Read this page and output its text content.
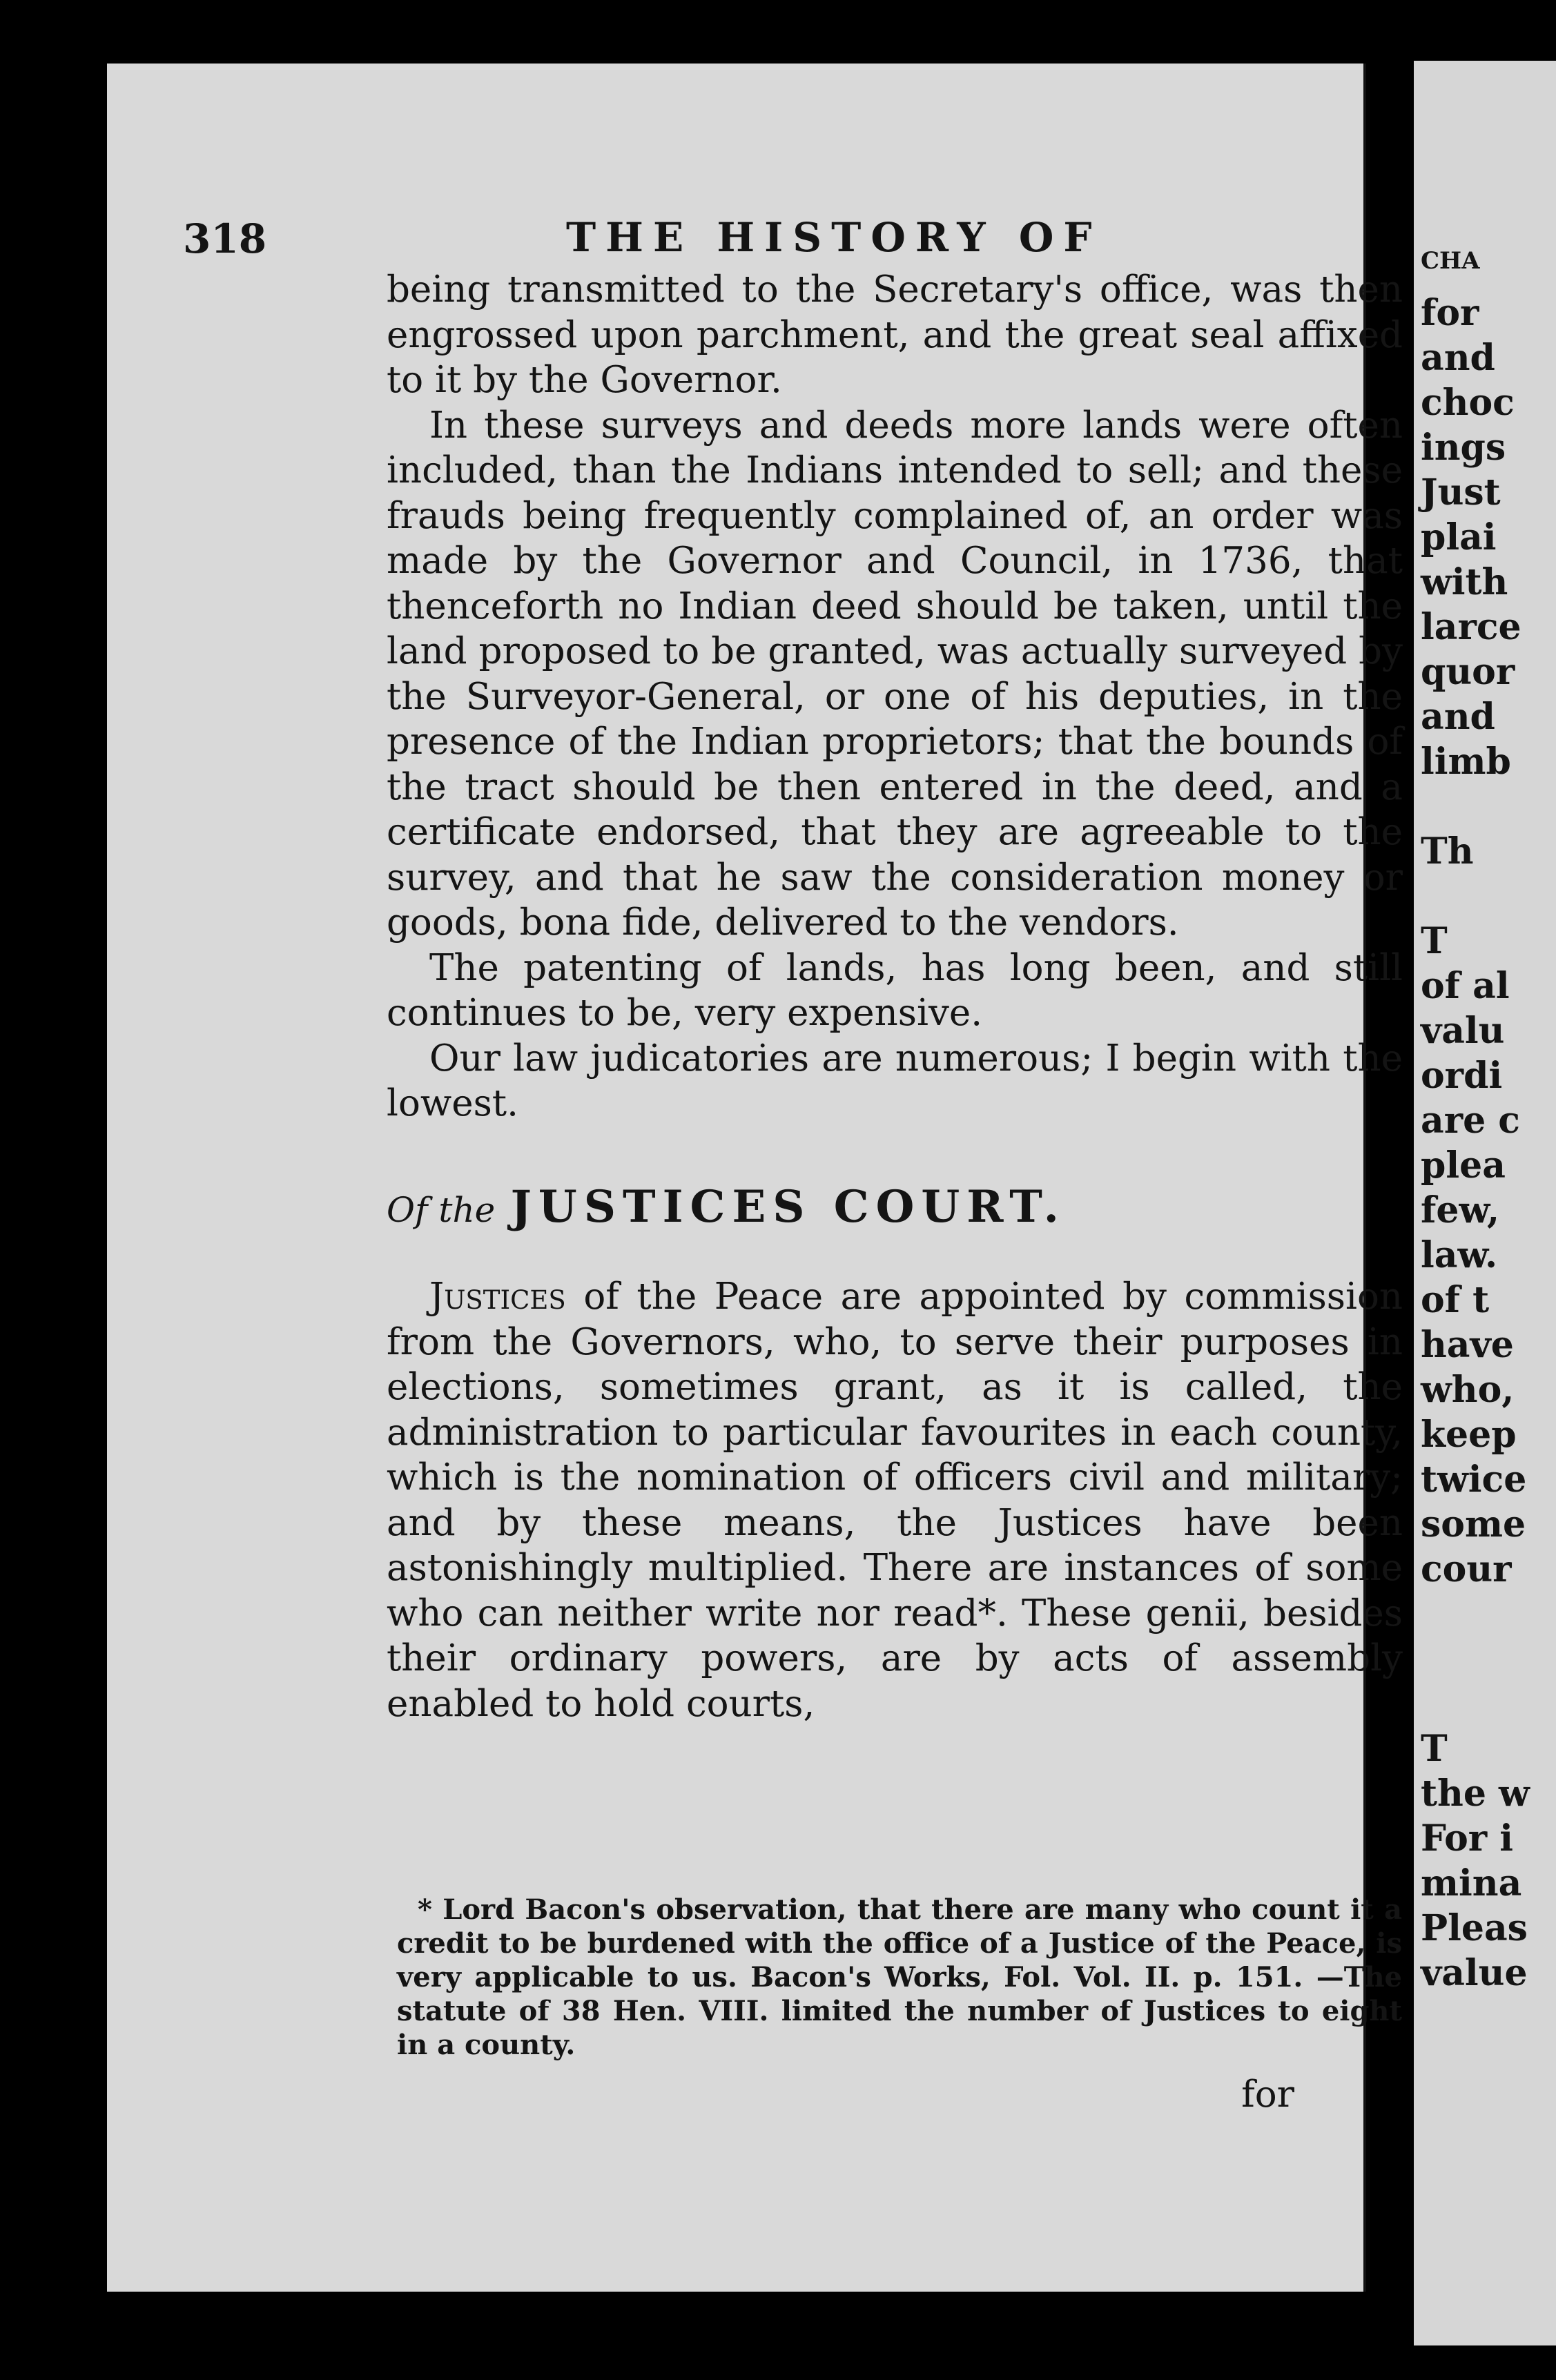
318	THE HISTORY OF

being transmitted to the Secretary's office, was then engrossed upon parchment, and the great seal affixed to it by the Governor.

In these surveys and deeds more lands were often included, than the Indians intended to sell; and these frauds being frequently complained of, an order was made by the Governor and Council, in 1736, that thenceforth no Indian deed should be taken, until the land proposed to be granted, was actually surveyed by the Surveyor-General, or one of his deputies, in the presence of the Indian proprietors; that the bounds of the tract should be then entered in the deed, and a certificate endorsed, that they are agreeable to the survey, and that he saw the consideration money or goods, bona fide, delivered to the vendors.

The patenting of lands, has long been, and still continues to be, very expensive.

Our law judicatories are numerous; I begin with the lowest.

Of the JUSTICES COURT.

Justices of the Peace are appointed by commission from the Governors, who, to serve their purposes in elections, sometimes grant, as it is called, the administration to particular favourites in each county, which is the nomination of officers civil and military; and by these means, the Justices have been astonishingly multiplied. There are instances of some who can neither write nor read*. These genii, besides their ordinary powers, are by acts of assembly enabled to hold courts,

* Lord Bacon's observation, that there are many who count it a credit to be burdened with the office of a Justice of the Peace, is very applicable to us. Bacon's Works, Fol. Vol. II. p. 151. —The statute of 38 Hen. VIII. limited the number of Justices to eight in a county.

for
CHA
for
and
choc
ings
Just
plai
with
larce
quor
and
limb

Th

T
of al
valu
ordi
are c
plea
few,
law.
of t
have
who,
keep
twice
some
cour

T
the w
For i
mina
Pleas
value
